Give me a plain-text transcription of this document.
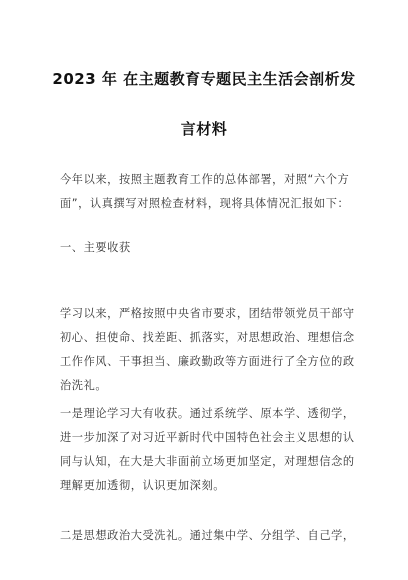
2023 年 在主题教育专题民主生活会剖析发
言材料
今年以来，按照主题教育工作的总体部署，对照“六个方
面”，认真撰写对照检查材料，现将具体情况汇报如下：
一、主要收获
学习以来，严格按照中央省市要求，团结带领党员干部守
初心、担使命、找差距、抓落实，对思想政治、理想信念
工作作风、干事担当、廉政勤政等方面进行了全方位的政
治洗礼。
一是理论学习大有收获。通过系统学、原本学、透彻学，
进一步加深了对习近平新时代中国特色社会主义思想的认
同与认知，在大是大非面前立场更加坚定，对理想信念的
理解更加透彻，认识更加深刻。
二是思想政治大受洗礼。通过集中学、分组学、自己学，
